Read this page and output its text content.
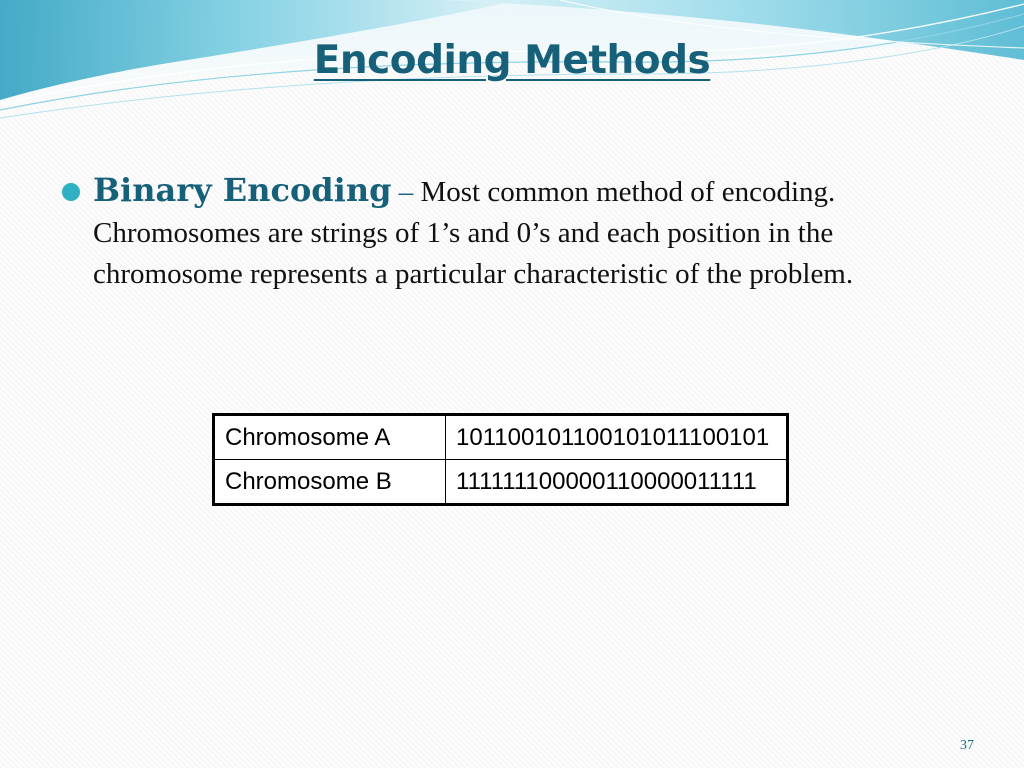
Encoding Methods

Binary Encoding – Most common method of encoding. Chromosomes are strings of 1’s and 0’s and each position in the chromosome represents a particular characteristic of the problem.

Chromosome A	101100101100101011100101
Chromosome B	111111100000110000011111
37
